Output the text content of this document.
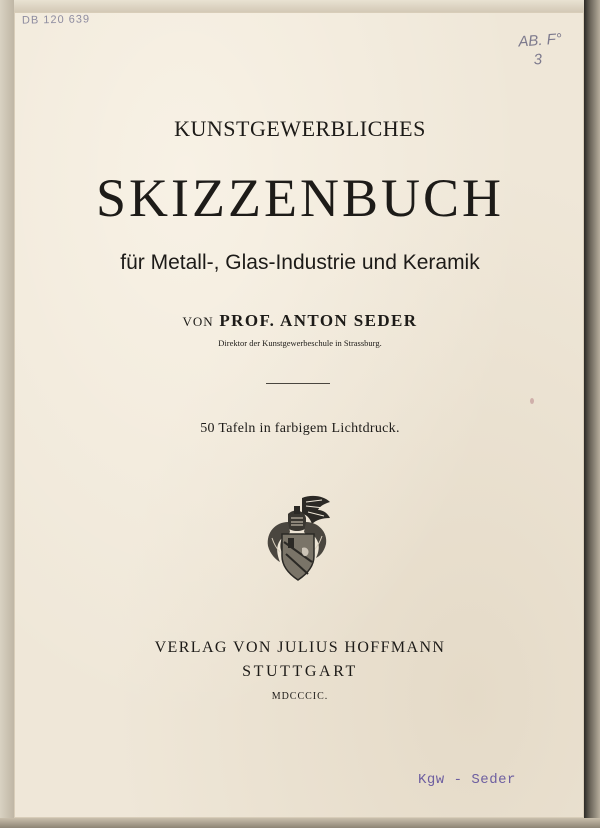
DB 120 639
AB. F°
3
KUNSTGEWERBLICHES
SKIZZENBUCH
für Metall-, Glas-Industrie und Keramik
VON PROF. ANTON SEDER
Direktor der Kunstgewerbeschule in Strassburg.
50 Tafeln in farbigem Lichtdruck.
VERLAG VON JULIUS HOFFMANN
STUTTGART
MDCCCIC.
Kgw - Seder
